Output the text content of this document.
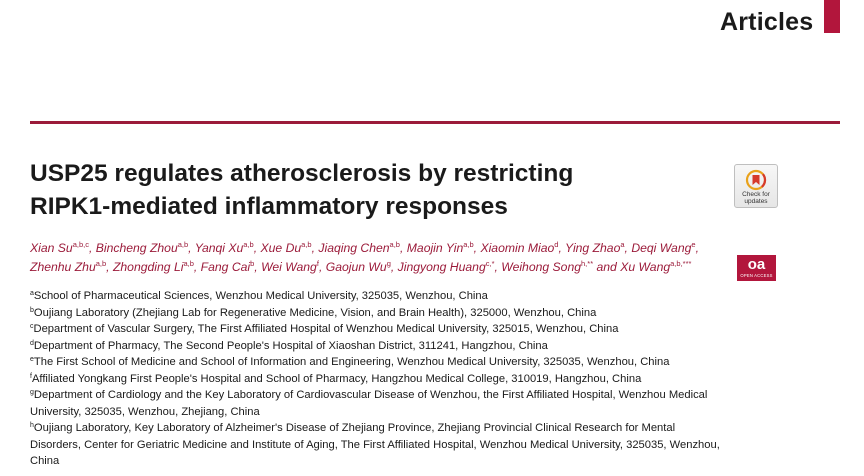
Articles
USP25 regulates atherosclerosis by restricting
RIPK1-mediated inflammatory responses	Check for updates
oa
OPEN ACCESS
Xian Su$^{a,b,c}$, Bincheng Zhou$^{a,b}$, Yanqi Xu$^{a,b}$, Xue Du$^{a,b}$, Jiaqing Chen$^{a,b}$, Maojin Yin$^{a,b}$, Xiaomin Miao$^d$, Ying Zhao$^a$, Deqi Wang$^e$, Zhenhu Zhu$^{a,b}$, Zhongding Li$^{a,b}$, Fang Cai$^b$, Wei Wang$^f$, Gaojun Wu$^g$, Jingyong Huang$^{c,*}$, Weihong Song$^{h,**}$ and Xu Wang$^{a,b,***}$
$^a$School of Pharmaceutical Sciences, Wenzhou Medical University, 325035, Wenzhou, China
$^b$Oujiang Laboratory (Zhejiang Lab for Regenerative Medicine, Vision, and Brain Health), 325000, Wenzhou, China
$^c$Department of Vascular Surgery, The First Affiliated Hospital of Wenzhou Medical University, 325015, Wenzhou, China
$^d$Department of Pharmacy, The Second People's Hospital of Xiaoshan District, 311241, Hangzhou, China
$^e$The First School of Medicine and School of Information and Engineering, Wenzhou Medical University, 325035, Wenzhou, China
$^f$Affiliated Yongkang First People's Hospital and School of Pharmacy, Hangzhou Medical College, 310019, Hangzhou, China
$^g$Department of Cardiology and the Key Laboratory of Cardiovascular Disease of Wenzhou, the First Affiliated Hospital, Wenzhou Medical University, 325035, Wenzhou, Zhejiang, China
$^h$Oujiang Laboratory, Key Laboratory of Alzheimer's Disease of Zhejiang Province, Zhejiang Provincial Clinical Research for Mental Disorders, Center for Geriatric Medicine and Institute of Aging, The First Affiliated Hospital, Wenzhou Medical University, 325035, Wenzhou, China
